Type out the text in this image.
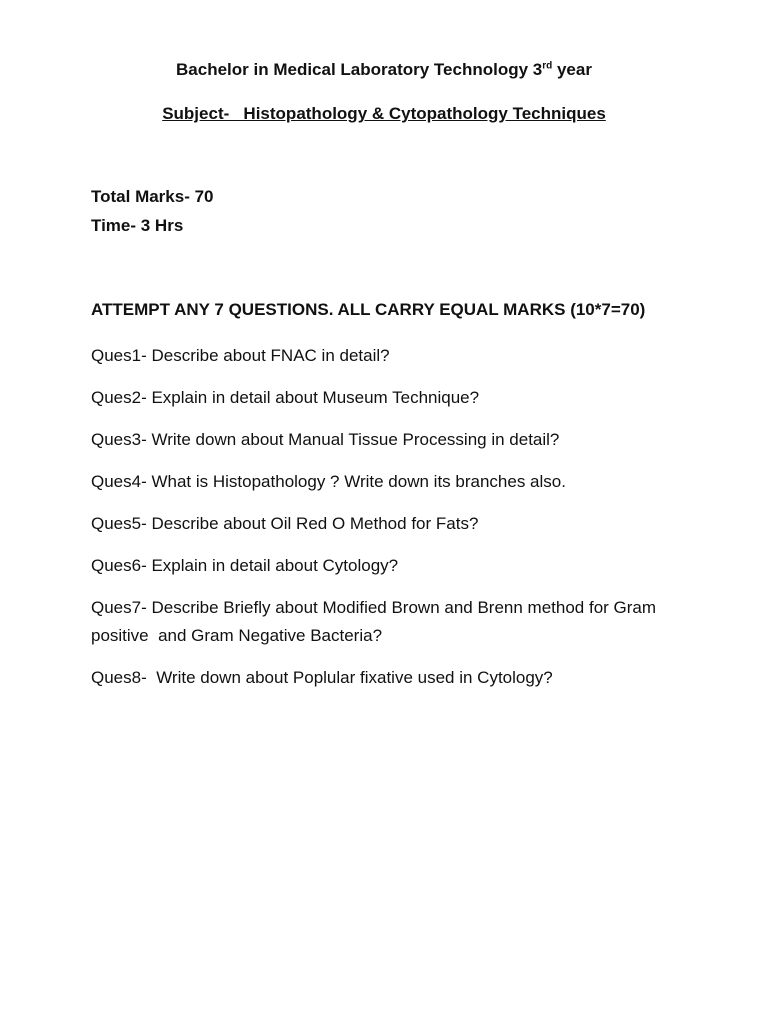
Bachelor in Medical Laboratory Technology 3rd year
Subject-   Histopathology & Cytopathology Techniques
Total Marks- 70
Time- 3 Hrs
ATTEMPT ANY 7 QUESTIONS. ALL CARRY EQUAL MARKS (10*7=70)
Ques1- Describe about FNAC in detail?
Ques2- Explain in detail about Museum Technique?
Ques3- Write down about Manual Tissue Processing in detail?
Ques4- What is Histopathology ? Write down its branches also.
Ques5- Describe about Oil Red O Method for Fats?
Ques6- Explain in detail about Cytology?
Ques7- Describe Briefly about Modified Brown and Brenn method for Gram positive  and Gram Negative Bacteria?
Ques8-  Write down about Poplular fixative used in Cytology?
